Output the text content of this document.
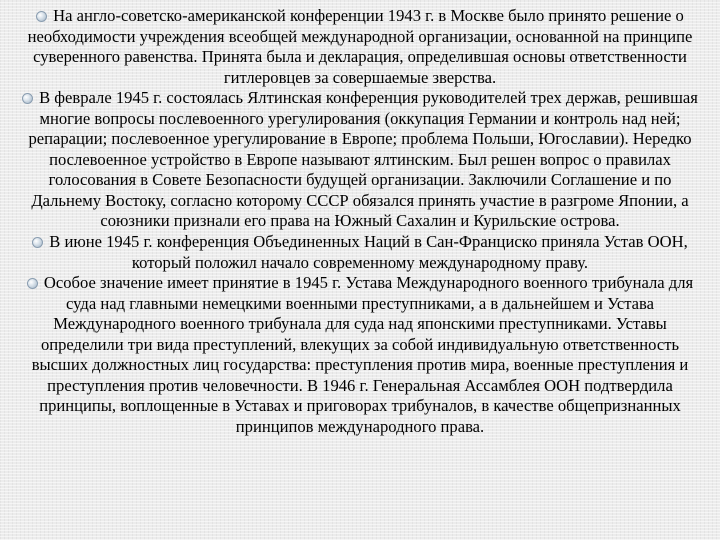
На англо-советско-американской конференции 1943 г. в Москве было принято решение о необходимости учреждения всеобщей международной организации, основанной на принципе суверенного равенства. Принята была и декларация, определившая основы ответственности гитлеровцев за совершаемые зверства.

В феврале 1945 г. состоялась Ялтинская конференция руководителей трех держав, решившая многие вопросы послевоенного урегулирования (оккупация Германии и контроль над ней; репарации; послевоенное урегулирование в Европе; проблема Польши, Югославии). Нередко послевоенное устройство в Европе называют ялтинским. Был решен вопрос о правилах голосования в Совете Безопасности будущей организации. Заключили Соглашение и по Дальнему Востоку, согласно которому СССР обязался принять участие в разгроме Японии, а союзники признали его права на Южный Сахалин и Курильские острова.

В июне 1945 г. конференция Объединенных Наций в Сан-Франциско приняла Устав ООН, который положил начало современному международному праву.

Особое значение имеет принятие в 1945 г. Устава Международного военного трибунала для суда над главными немецкими военными преступниками, а в дальнейшем и Устава Международного военного трибунала для суда над японскими преступниками. Уставы определили три вида преступлений, влекущих за собой индивидуальную ответственность высших должностных лиц государства: преступления против мира, военные преступления и преступления против человечности. В 1946 г. Генеральная Ассамблея ООН подтвердила принципы, воплощенные в Уставах и приговорах трибуналов, в качестве общепризнанных принципов международного права.
